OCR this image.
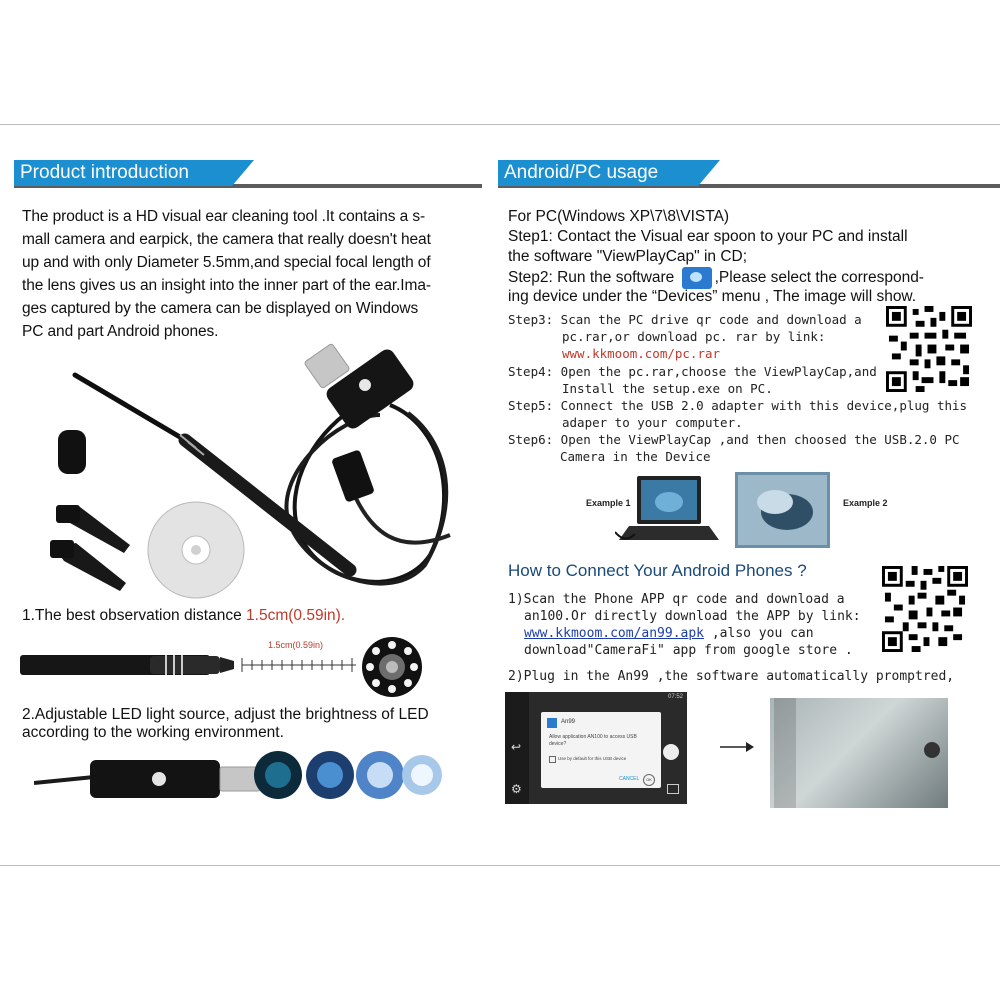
Product introduction	Android/PC usage
The product is a HD visual ear cleaning tool .It contains a s-
mall camera and earpick, the camera that really doesn't heat
up and with only Diameter 5.5mm,and special focal length of
the lens gives us an insight into the inner part of the ear.Ima-
ges captured by the camera can be displayed on Windows
PC and part Android phones.
1.The best observation distance 1.5cm(0.59in).
1.5cm(0.59in)
2.Adjustable LED light source, adjust the brightness of LED
according to the working environment.
For PC(Windows XP\7\8\VISTA)
Step1: Contact the Visual ear spoon to your PC and install
the software "ViewPlayCap" in CD;
Step2: Run the software ,Please select the correspond-
ing device under the “Devices” menu , The image will show.
Step3: Scan the PC drive qr code and download a
pc.rar,or download pc. rar by link:
www.kkmoom.com/pc.rar
Step4: 0pen the pc.rar,choose the ViewPlayCap,and
Install the setup.exe on PC.
Step5: Connect the USB 2.0 adapter with this device,plug this
adaper to your computer.
Step6: Open the ViewPlayCap ,and then choosed the USB.2.0 PC
Camera in the Device
Example 1	Example 2
How to Connect Your Android Phones ?
1)Scan the Phone APP qr code and download a
an100.Or directly download the APP by link:
www.kkmoom.com/an99.apk ,also you can
download"CameraFi" app from google store .
2)Plug in the An99 ,the software automatically promptred,
↩
⚙
07:52
An99
Allow application AN100 to access USB device?
Use by default for this USB device
CANCEL	OK
